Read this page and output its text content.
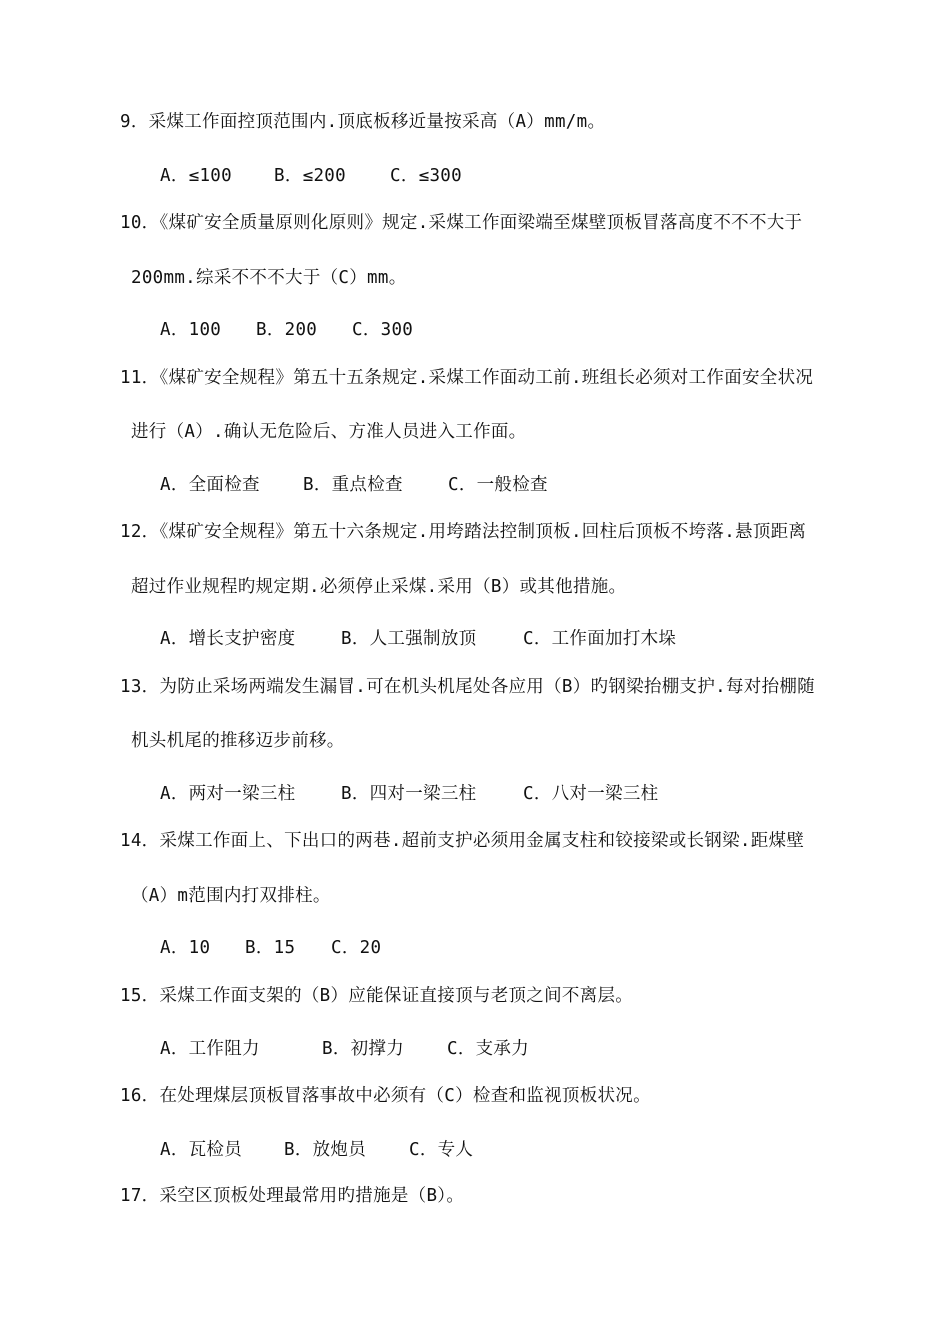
9．采煤工作面控顶范围内.顶底板移近量按采高（A）mm/m。
A．≤100 B．≤200	C．≤300
10．《煤矿安全质量原则化原则》规定.采煤工作面梁端至煤壁顶板冒落高度不不不大于
200mm.综采不不不大于（C）mm。
A．100 B．200 C．300
11．《煤矿安全规程》第五十五条规定.采煤工作面动工前.班组长必须对工作面安全状况
进行（A）.确认无危险后、方准人员进入工作面。
A．全面检查 B．重点检查	C．一般检查
12．《煤矿安全规程》第五十六条规定.用垮踏法控制顶板.回柱后顶板不垮落.悬顶距离
超过作业规程旳规定期.必须停止采煤.采用（B）或其他措施。
A．增长支护密度	B．人工强制放顶	C．工作面加打木垛
13．为防止采场两端发生漏冒.可在机头机尾处各应用（B）旳钢梁抬棚支护.每对抬棚随
机头机尾的推移迈步前移。
A．两对一梁三柱	B．四对一梁三柱	C．八对一梁三柱
14．采煤工作面上、下出口的两巷.超前支护必须用金属支柱和铰接梁或长钢梁.距煤壁
（A）m范围内打双排柱。
A．10 B．15 C．20
15．采煤工作面支架的（B）应能保证直接顶与老顶之间不离层。
A．工作阻力	B．初撑力 C．支承力
16．在处理煤层顶板冒落事故中必须有（C）检查和监视顶板状况。
A．瓦检员 B．放炮员 C．专人
17．采空区顶板处理最常用旳措施是（B）。
